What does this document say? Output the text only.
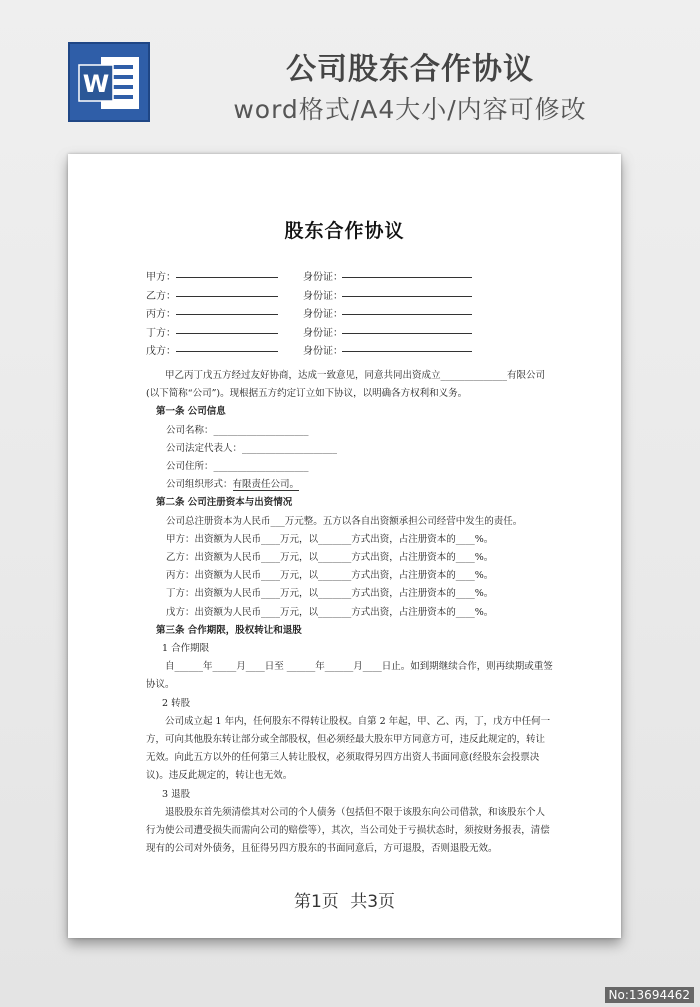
W	公司股东合作协议
word格式/A4大小/内容可修改
股东合作协议
甲方：	身份证：
乙方：	身份证：
丙方：	身份证：
丁方：	身份证：
戊方：	身份证：

甲乙丙丁戊五方经过友好协商，达成一致意见，同意共同出资成立______________有限公司(以下简称“公司”)。现根据五方约定订立如下协议，以明确各方权利和义务。

第一条 公司信息

公司名称：____________________

公司法定代表人：____________________

公司住所：____________________

公司组织形式：有限责任公司。

第二条 公司注册资本与出资情况

公司总注册资本为人民币___万元整。五方以各自出资额承担公司经营中发生的责任。

甲方：出资额为人民币____万元，以_______方式出资，占注册资本的____%。

乙方：出资额为人民币____万元，以_______方式出资，占注册资本的____%。

丙方：出资额为人民币____万元，以_______方式出资，占注册资本的____%。

丁方：出资额为人民币____万元，以_______方式出资，占注册资本的____%。

戊方：出资额为人民币____万元，以_______方式出资，占注册资本的____%。

第三条 合作期限，股权转让和退股

1 合作期限

自______年_____月____日至 ______年______月____日止。如到期继续合作，则再续期或重签协议。

2 转股

公司成立起 1 年内，任何股东不得转让股权。自第 2 年起，甲、乙、丙，丁，戊方中任何一方，可向其他股东转让部分或全部股权，但必须经最大股东甲方同意方可，违反此规定的，转让无效。向此五方以外的任何第三人转让股权，必须取得另四方出资人书面同意(经股东会投票决议)。违反此规定的，转让也无效。

3 退股

退股股东首先须清偿其对公司的个人债务（包括但不限于该股东向公司借款，和该股东个人行为使公司遭受损失而需向公司的赔偿等），其次，当公司处于亏损状态时，须按财务报表，清偿现有的公司对外债务，且征得另四方股东的书面同意后，方可退股，否则退股无效。

第1页 共3页
No:13694462
